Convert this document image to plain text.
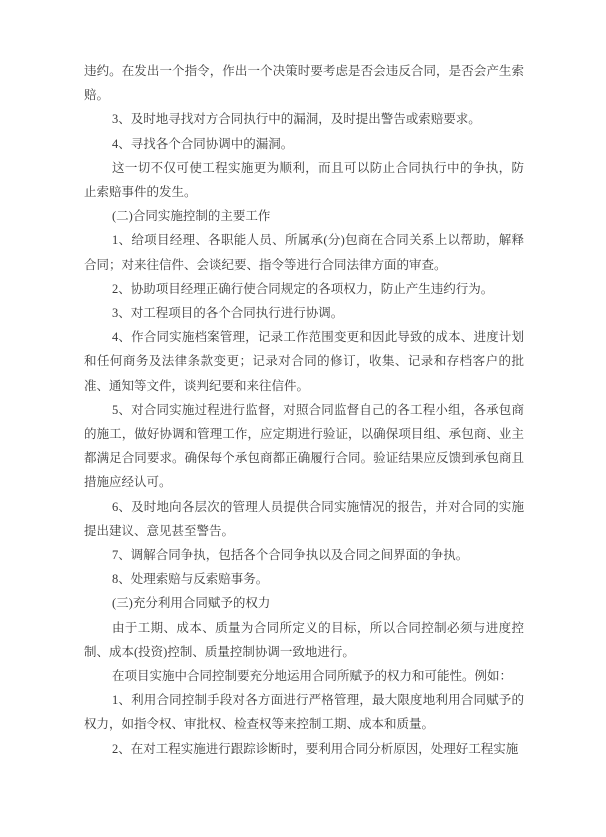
违约。在发出一个指令，作出一个决策时要考虑是否会违反合同，是否会产生索赔。

3、及时地寻找对方合同执行中的漏洞，及时提出警告或索赔要求。

4、寻找各个合同协调中的漏洞。

这一切不仅可使工程实施更为顺利，而且可以防止合同执行中的争执，防止索赔事件的发生。

(二)合同实施控制的主要工作

1、给项目经理、各职能人员、所属承(分)包商在合同关系上以帮助，解释合同；对来往信件、会谈纪要、指令等进行合同法律方面的审查。

2、协助项目经理正确行使合同规定的各项权力，防止产生违约行为。

3、对工程项目的各个合同执行进行协调。

4、作合同实施档案管理，记录工作范围变更和因此导致的成本、进度计划和任何商务及法律条款变更；记录对合同的修订，收集、记录和存档客户的批准、通知等文件，谈判纪要和来往信件。

5、对合同实施过程进行监督，对照合同监督自己的各工程小组，各承包商的施工，做好协调和管理工作，应定期进行验证，以确保项目组、承包商、业主都满足合同要求。确保每个承包商都正确履行合同。验证结果应反馈到承包商且措施应经认可。

6、及时地向各层次的管理人员提供合同实施情况的报告，并对合同的实施提出建议、意见甚至警告。

7、调解合同争执，包括各个合同争执以及合同之间界面的争执。

8、处理索赔与反索赔事务。

(三)充分利用合同赋予的权力

由于工期、成本、质量为合同所定义的目标，所以合同控制必须与进度控制、成本(投资)控制、质量控制协调一致地进行。

在项目实施中合同控制要充分地运用合同所赋予的权力和可能性。例如：

1、利用合同控制手段对各方面进行严格管理，最大限度地利用合同赋予的权力，如指令权、审批权、检查权等来控制工期、成本和质量。

2、在对工程实施进行跟踪诊断时，要利用合同分析原因，处理好工程实施
